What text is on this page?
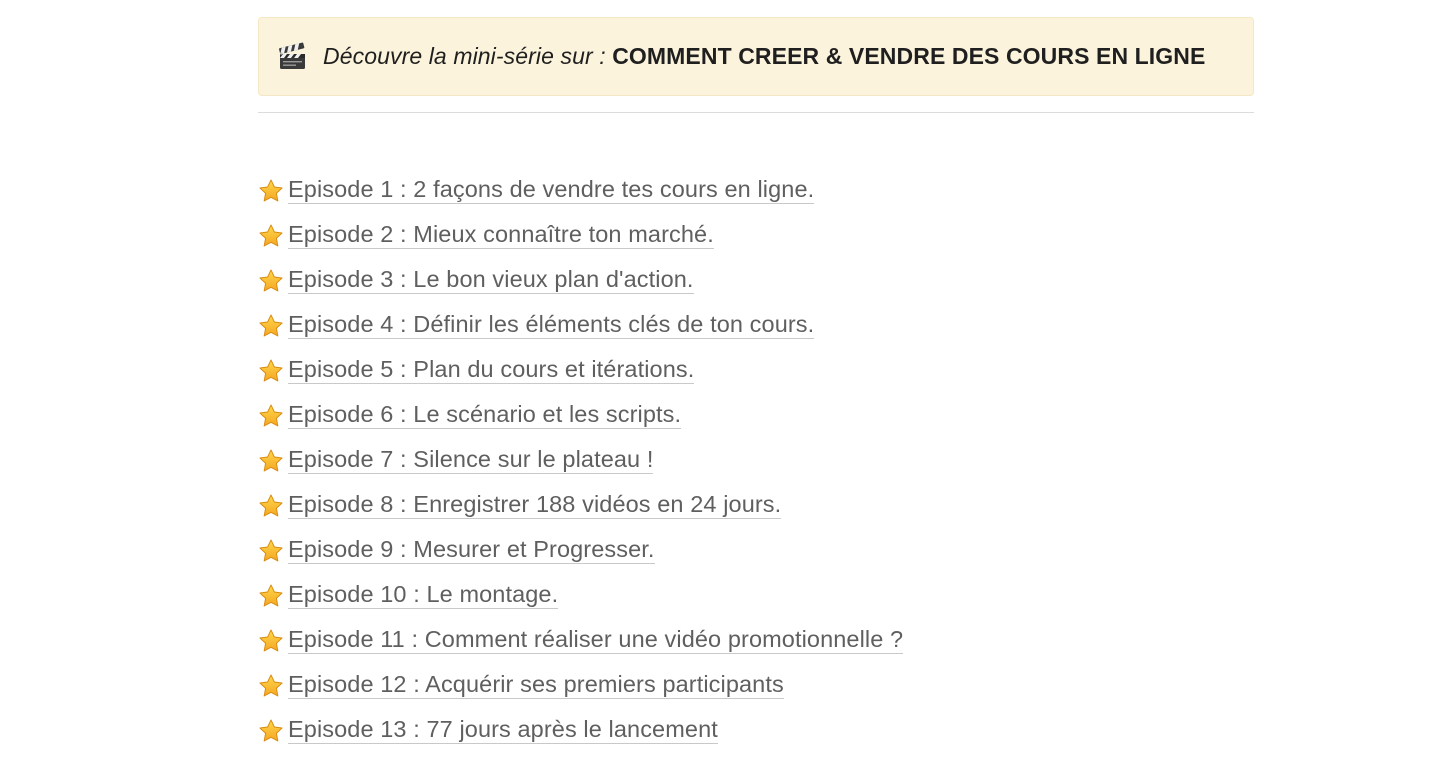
Découvre la mini-série sur : COMMENT CREER & VENDRE DES COURS EN LIGNE
Episode 1 : 2 façons de vendre tes cours en ligne.
Episode 2 : Mieux connaître ton marché.
Episode 3 : Le bon vieux plan d'action.
Episode 4 : Définir les éléments clés de ton cours.
Episode 5 : Plan du cours et itérations.
Episode 6 : Le scénario et les scripts.
Episode 7 : Silence sur le plateau !
Episode 8 : Enregistrer 188 vidéos en 24 jours.
Episode 9 : Mesurer et Progresser.
Episode 10 : Le montage.
Episode 11 : Comment réaliser une vidéo promotionnelle ?
Episode 12 : Acquérir ses premiers participants
Episode 13 : 77 jours après le lancement
